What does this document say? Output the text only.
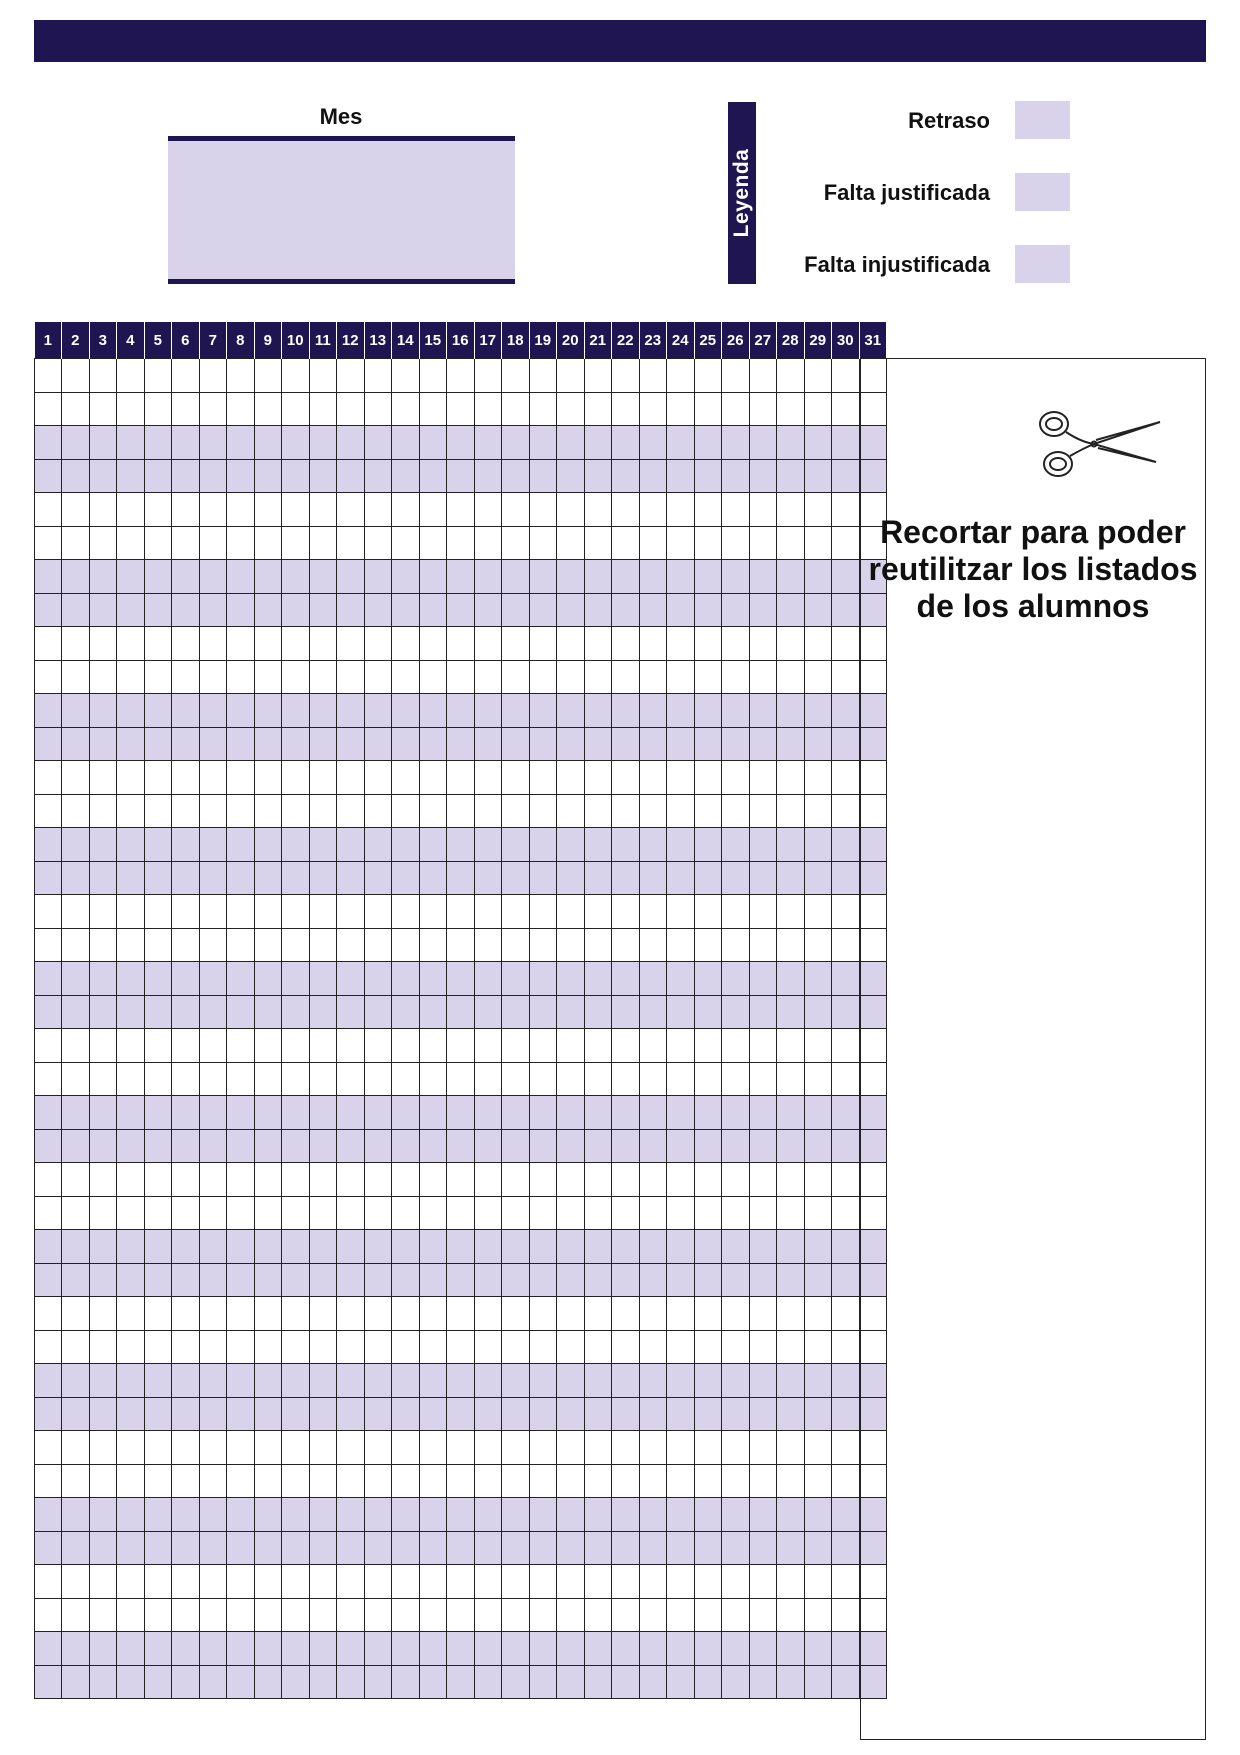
Mes
Leyenda
Retraso
Falta justificada
Falta injustificada
1	2	3	4	5	6	7	8	9	10	11	12	13	14	15	16	17	18	19	20	21	22	23	24	25	26	27	28	29	30	31

Recortar para poder reutilitzar los listados de los alumnos
